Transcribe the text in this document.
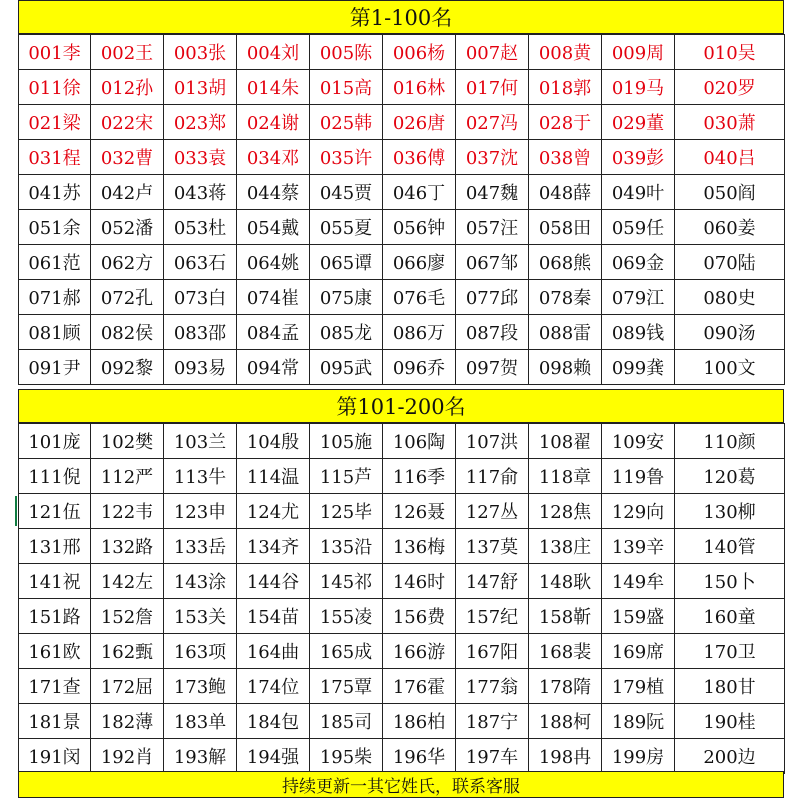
第1-100名
001李	002王	003张	004刘	005陈	006杨	007赵	008黄	009周	010吴
011徐	012孙	013胡	014朱	015高	016林	017何	018郭	019马	020罗
021梁	022宋	023郑	024谢	025韩	026唐	027冯	028于	029董	030萧
031程	032曹	033袁	034邓	035许	036傅	037沈	038曾	039彭	040吕
041苏	042卢	043蒋	044蔡	045贾	046丁	047魏	048薛	049叶	050阎
051余	052潘	053杜	054戴	055夏	056钟	057汪	058田	059任	060姜
061范	062方	063石	064姚	065谭	066廖	067邹	068熊	069金	070陆
071郝	072孔	073白	074崔	075康	076毛	077邱	078秦	079江	080史
081顾	082侯	083邵	084孟	085龙	086万	087段	088雷	089钱	090汤
091尹	092黎	093易	094常	095武	096乔	097贺	098赖	099龚	100文
第101-200名
101庞	102樊	103兰	104殷	105施	106陶	107洪	108翟	109安	110颜
111倪	112严	113牛	114温	115芦	116季	117俞	118章	119鲁	120葛
121伍	122韦	123申	124尤	125毕	126聂	127丛	128焦	129向	130柳
131邢	132路	133岳	134齐	135沿	136梅	137莫	138庄	139辛	140管
141祝	142左	143涂	144谷	145祁	146时	147舒	148耿	149牟	150卜
151路	152詹	153关	154苗	155凌	156费	157纪	158靳	159盛	160童
161欧	162甄	163项	164曲	165成	166游	167阳	168裴	169席	170卫
171查	172屈	173鲍	174位	175覃	176霍	177翁	178隋	179植	180甘
181景	182薄	183单	184包	185司	186柏	187宁	188柯	189阮	190桂
191闵	192肖	193解	194强	195柴	196华	197车	198冉	199房	200边
持续更新一其它姓氏，联系客服
